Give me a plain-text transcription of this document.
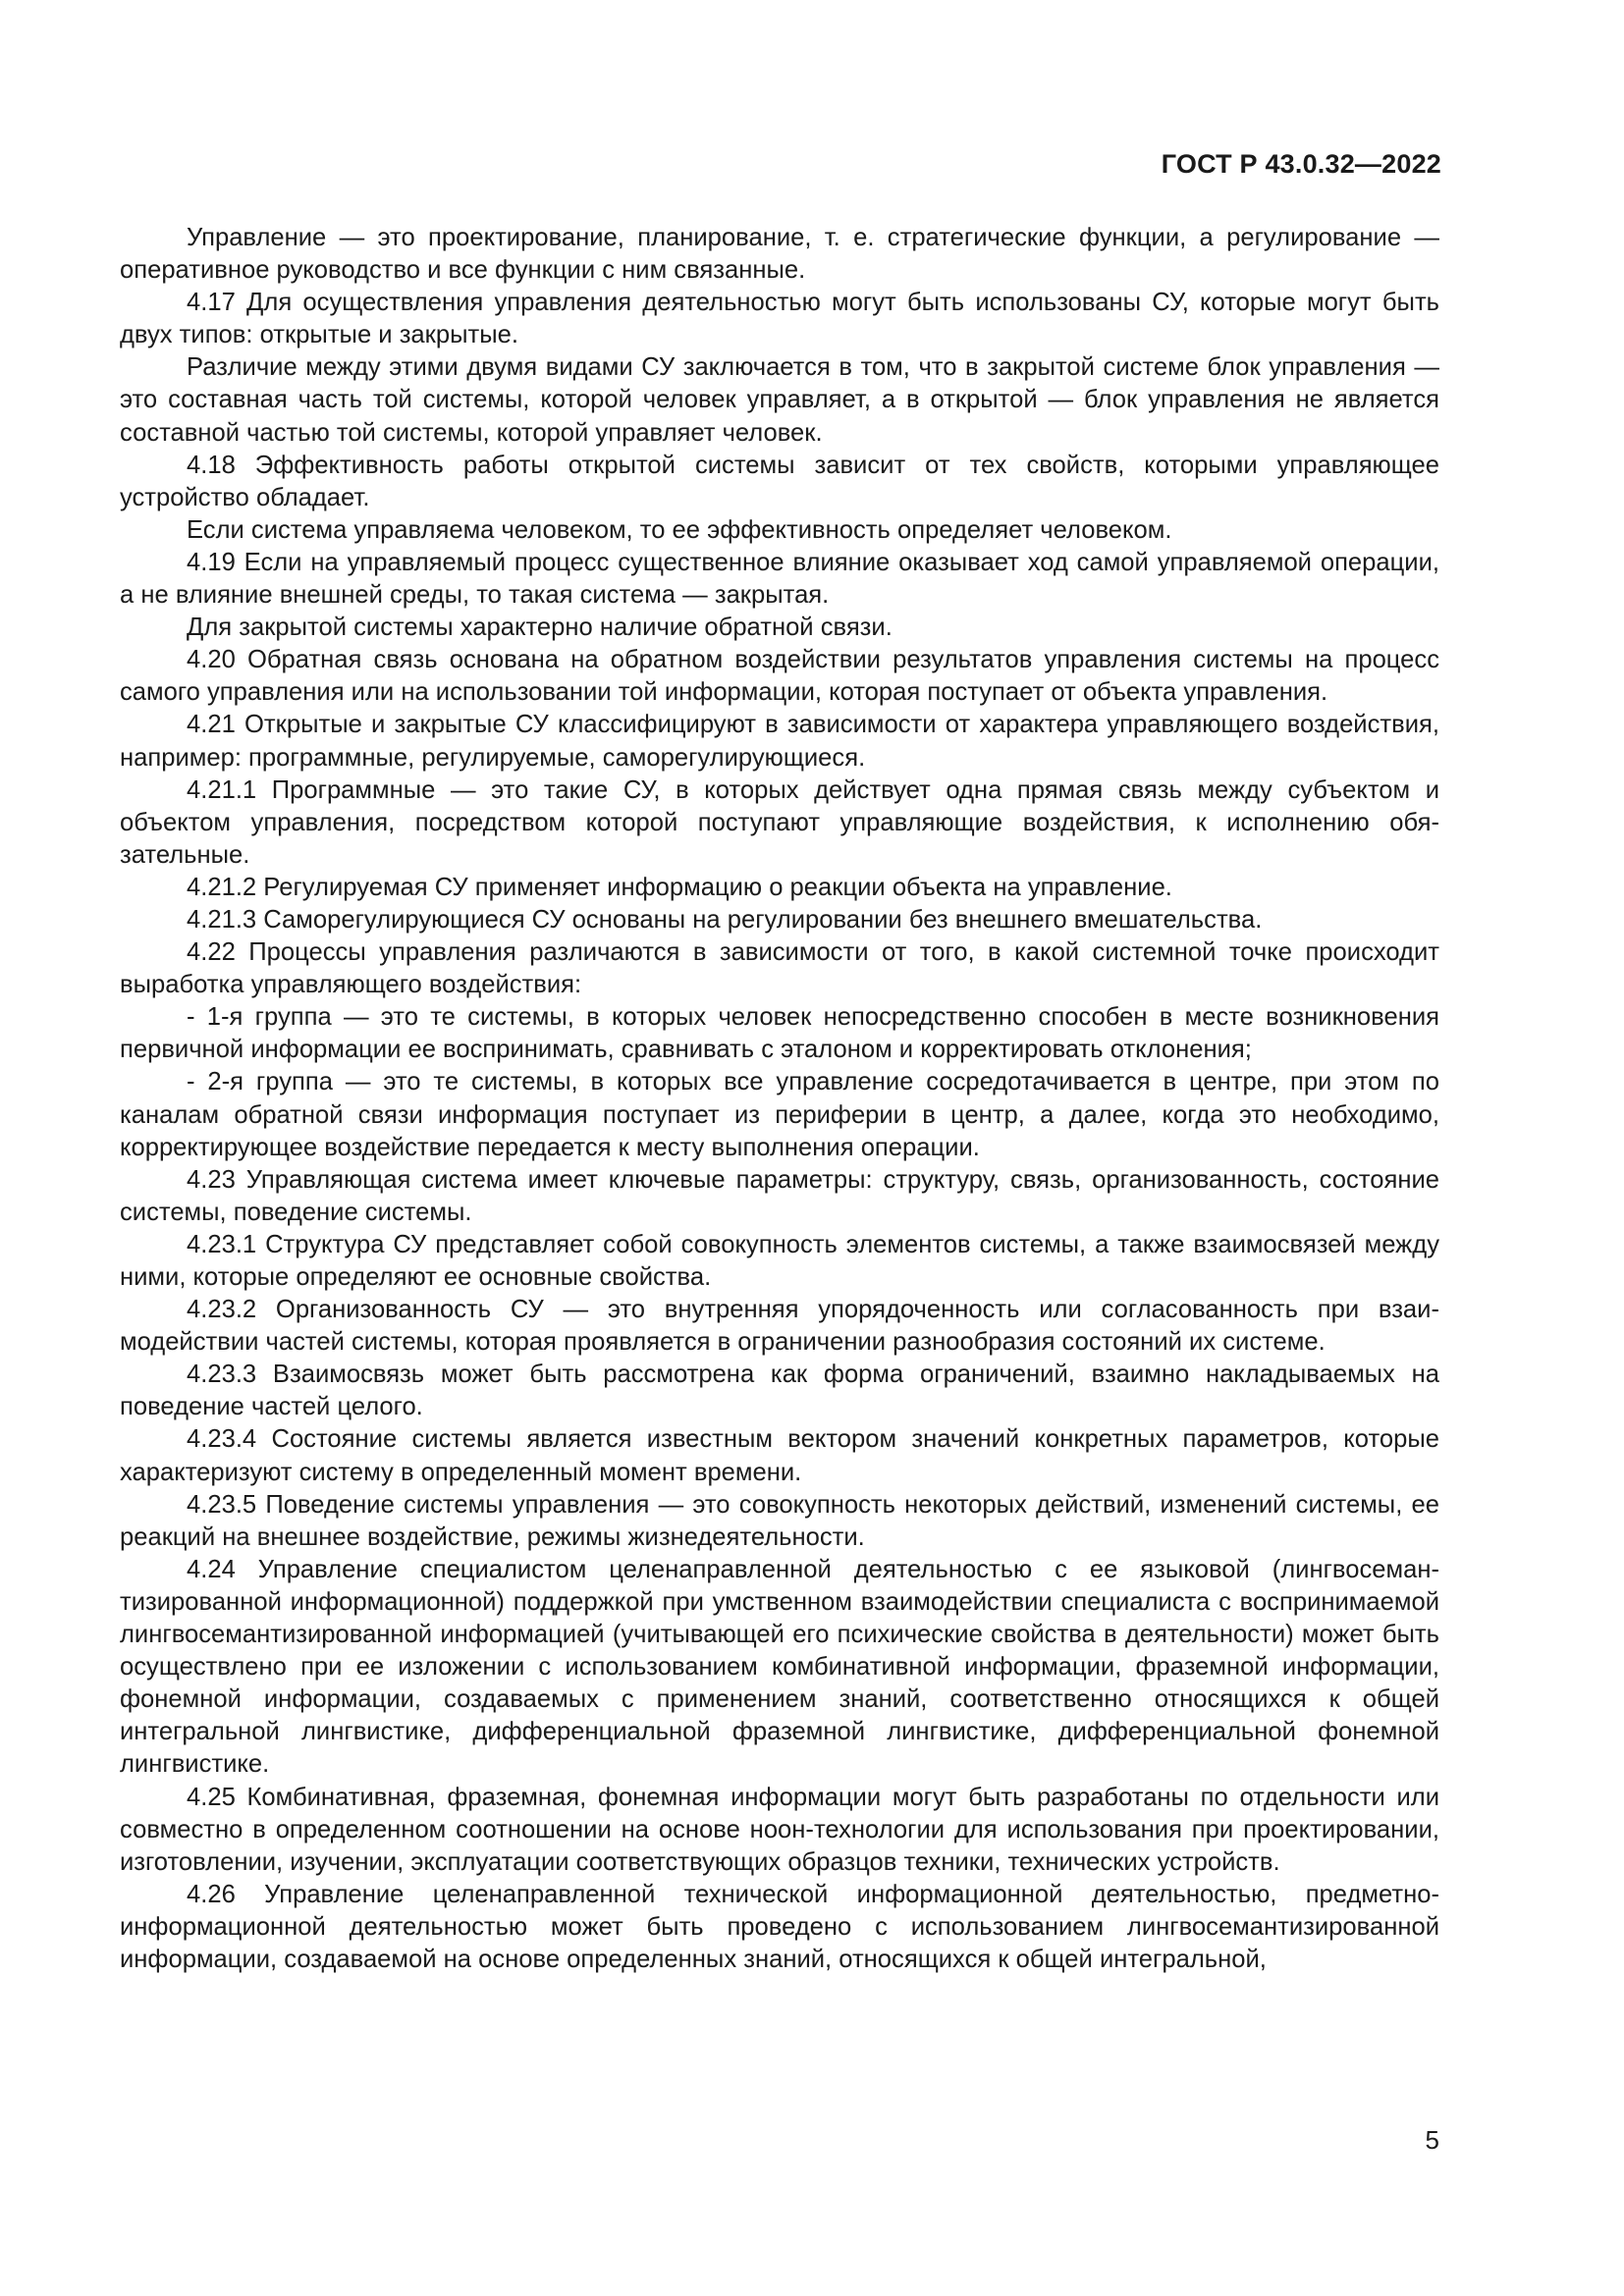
ГОСТ Р 43.0.32—2022

Управление — это проектирование, планирование, т. е. стратегические функции, а регулирование — оперативное руководство и все функции с ним связанные.

4.17 Для осуществления управления деятельностью могут быть использованы СУ, которые могут быть двух типов: открытые и закрытые.

Различие между этими двумя видами СУ заключается в том, что в закрытой системе блок управления — это составная часть той системы, которой человек управляет, а в открытой — блок управления не является составной частью той системы, которой управляет человек.

4.18 Эффективность работы открытой системы зависит от тех свойств, которыми управляющее устройство обладает.

Если система управляема человеком, то ее эффективность определяет человеком.

4.19 Если на управляемый процесс существенное влияние оказывает ход самой управляемой операции, а не влияние внешней среды, то такая система — закрытая.

Для закрытой системы характерно наличие обратной связи.

4.20 Обратная связь основана на обратном воздействии результатов управления системы на процесс самого управления или на использовании той информации, которая поступает от объекта управления.

4.21 Открытые и закрытые СУ классифицируют в зависимости от характера управляющего воздействия, например: программные, регулируемые, саморегулирующиеся.

4.21.1 Программные — это такие СУ, в которых действует одна прямая связь между субъектом и объектом управления, посредством которой поступают управляющие воздействия, к исполнению обязательные.

4.21.2 Регулируемая СУ применяет информацию о реакции объекта на управление.

4.21.3 Саморегулирующиеся СУ основаны на регулировании без внешнего вмешательства.

4.22 Процессы управления различаются в зависимости от того, в какой системной точке происходит выработка управляющего воздействия:

- 1-я группа — это те системы, в которых человек непосредственно способен в месте возникновения первичной информации ее воспринимать, сравнивать с эталоном и корректировать отклонения;

- 2-я группа — это те системы, в которых все управление сосредотачивается в центре, при этом по каналам обратной связи информация поступает из периферии в центр, а далее, когда это необходимо, корректирующее воздействие передается к месту выполнения операции.

4.23 Управляющая система имеет ключевые параметры: структуру, связь, организованность, состояние системы, поведение системы.

4.23.1 Структура СУ представляет собой совокупность элементов системы, а также взаимосвязей между ними, которые определяют ее основные свойства.

4.23.2 Организованность СУ — это внутренняя упорядоченность или согласованность при взаимодействии частей системы, которая проявляется в ограничении разнообразия состояний их системе.

4.23.3 Взаимосвязь может быть рассмотрена как форма ограничений, взаимно накладываемых на поведение частей целого.

4.23.4 Состояние системы является известным вектором значений конкретных параметров, которые характеризуют систему в определенный момент времени.

4.23.5 Поведение системы управления — это совокупность некоторых действий, изменений системы, ее реакций на внешнее воздействие, режимы жизнедеятельности.

4.24 Управление специалистом целенаправленной деятельностью с ее языковой (лингвосемантизированной информационной) поддержкой при умственном взаимодействии специалиста с воспринимаемой лингвосемантизированной информацией (учитывающей его психические свойства в деятельности) может быть осуществлено при ее изложении с использованием комбинативной информации, фраземной информации, фонемной информации, создаваемых с применением знаний, соответственно относящихся к общей интегральной лингвистике, дифференциальной фраземной лингвистике, дифференциальной фонемной лингвистике.

4.25 Комбинативная, фраземная, фонемная информации могут быть разработаны по отдельности или совместно в определенном соотношении на основе ноон-технологии для использования при проектировании, изготовлении, изучении, эксплуатации соответствующих образцов техники, технических устройств.

4.26 Управление целенаправленной технической информационной деятельностью, предметно-информационной деятельностью может быть проведено с использованием лингвосемантизированной информации, создаваемой на основе определенных знаний, относящихся к общей интегральной,

5
